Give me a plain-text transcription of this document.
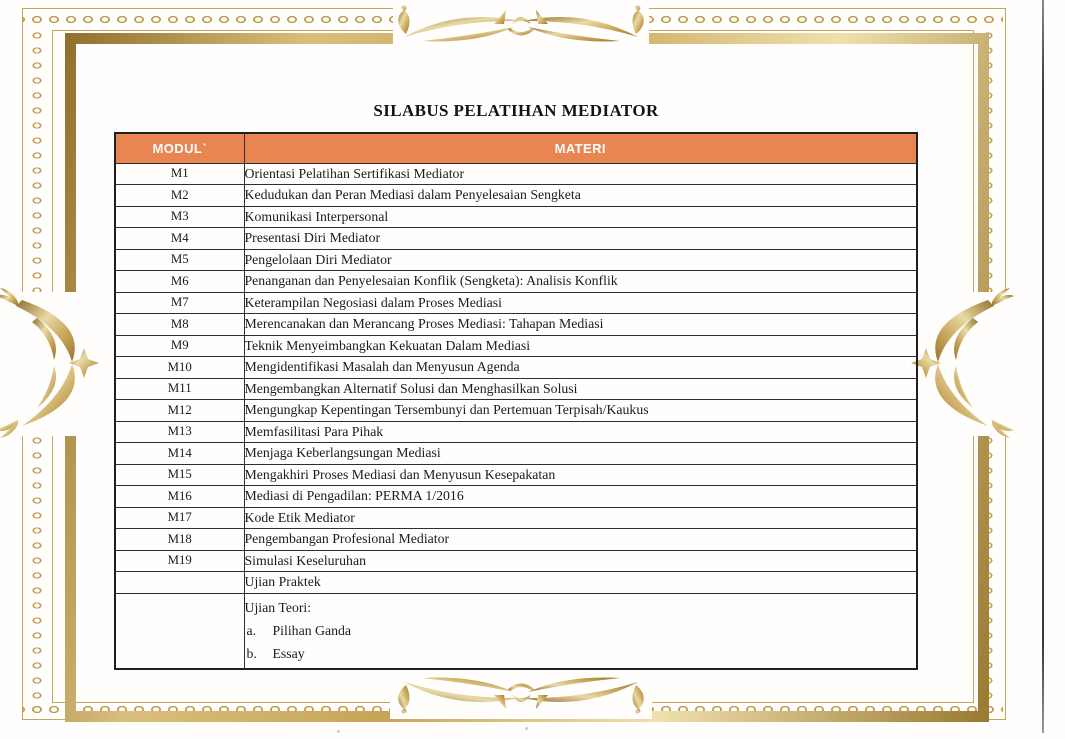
SILABUS PELATIHAN MEDIATOR
MODUL`	MATERI
M1	Orientasi Pelatihan Sertifikasi Mediator
M2	Kedudukan dan Peran Mediasi dalam Penyelesaian Sengketa
M3	Komunikasi Interpersonal
M4	Presentasi Diri Mediator
M5	Pengelolaan Diri Mediator
M6	Penanganan dan Penyelesaian Konflik (Sengketa): Analisis Konflik
M7	Keterampilan Negosiasi dalam Proses Mediasi
M8	Merencanakan dan Merancang Proses Mediasi: Tahapan Mediasi
M9	Teknik Menyeimbangkan Kekuatan Dalam Mediasi
M10	Mengidentifikasi Masalah dan Menyusun Agenda
M11	Mengembangkan Alternatif Solusi dan Menghasilkan Solusi
M12	Mengungkap Kepentingan Tersembunyi dan Pertemuan Terpisah/Kaukus
M13	Memfasilitasi Para Pihak
M14	Menjaga Keberlangsungan Mediasi
M15	Mengakhiri Proses Mediasi dan Menyusun Kesepakatan
M16	Mediasi di Pengadilan: PERMA 1/2016
M17	Kode Etik Mediator
M18	Pengembangan Profesional Mediator
M19	Simulasi Keseluruhan
	Ujian Praktek

	Ujian Teori:
a. Pilihan Ganda
b. Essay
